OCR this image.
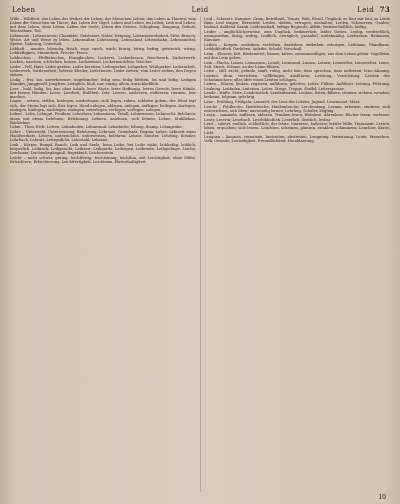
Leben	Leid	Leid 73

Wille – Wildheit; das Leben des Weibes der Leben; der Menschen Leben; das Leben in Thieren; vom Leben der Menschen im Thiere; das Leben der Vögel. Leben und Leben, im Leben, Leib und Leben, mit dem Leben, ohne Leben. Leben der Seele; Leben des Geistes. Schöpfung, Zeugung, Geburt, Wachsthum, Tod.

Lebensart – Lebensweise; Charakter, Geistesart, Natur; Neigung, Lebensgewohnheit, Sitte, Brauch, Weise, Art und Weise zu leben. Lebensalter, Lebensweg, Lebenslauf, Lebensbahn; Lebensmittel, Speise, Nahrung, Unterhalt.

Lebhaft – munter, lebendig, frisch, rege, rasch, wach, feurig, hitzig, heftig; geistreich, witzig. Lebhaftigkeit, Munterkeit, Frische, Feuer.

Lebkuchen – Pfefferkuchen, Honigkuchen; Leckerei, Leckerbissen, Naschwerk, Zuckerwerk. Lecken; naschen, schlecken, kosten. Leckermaul, Leckermäulchen, Näscher.

Leder – Fell, Haut; Leder gerben, Leder bereiten; Ledergerber, Lohgerber, Weißgerber. Lederarbeit, Lederwerk, Sattlerarbeit; lederne Kleider, Lederhosen. Leder ziehen, vom Leder ziehen, den Degen ziehen.

Ledig – frei, los, unverheiratet, ungebunden; ledig sein, ledig bleiben, los und ledig. Ledigen Standes; Junggesell, Jungfrau. Lediglich, bloß, nur, einzig, allein, ausschließlich.

Leer – hohl, ledig, los, bar, ohne Inhalt; leere Worte, leere Hoffnung, leeres Gerede; leere Hände, mit leeren Händen. Leere, Leerheit, Hohlheit, Öde. Leeren, ausleeren, entleeren, räumen, leer machen.

Legen – setzen, stellen, hinlegen, niederlegen; sich legen, ruhen, schlafen gehen; der Wind legt sich, der Sturm legt sich. Eier legen. Hand anlegen, ablegen, anlegen, auflegen, beilegen, darlegen, einlegen, hinlegen, nachlegen, umlegen, unterlegen, verlegen, vorlegen, zulegen.

Lehen – Lehn, Lehngut, Feudum; Lehnsherr, Lehnsmann, Vasall; Lehnswesen, Lehnrecht. Belehnen, einen mit etwas belehnen; Belehnung. Lehnen, anlehnen, sich lehnen; Lehne, Stuhllehne, Rücklehne.

Lehm – Thon, Erde, Letten; Lehmboden, Lehmwand, Lehmhütte; lehmig, thonig. Lehmgrube.

Lehre – Unterricht, Unterweisung, Belehrung; Lehrsatz, Grundsatz, Dogma; Lehre, Lehrzeit eines Handwerkers. Lehren, unterrichten, unterweisen, belehren; Lehrer, Meister, Lehrling, Schüler. Lehrbuch, Lehrart, Lehrgedicht, Lehrstuhl, Lehramt.

Leib – Körper, Rumpf, Bauch; Leib und Seele; beim Leibe, bei Leibe nicht; leibhaftig, leiblich, körperlich. Leibrock, Leibgericht, Leibarzt, Leibgarde, Leibeigen, Leibrente, Leibgedinge. Leiche, Leichnam; Leichenbegängniß, Begräbniß, Leichenstein.

Leicht – nicht schwer, gering, leichtfertig, leichtsinnig; leichthin, mit Leichtigkeit, ohne Mühe. Erleichtern; Erleichterung. Leichtfertigkeit, Leichtsinn, Flatterhaftigkeit.

Leid – Schmerz, Kummer, Gram, Betrübniß, Trauer, Weh, Elend, Unglück; es thut mir leid, zu Leide thun, Leid tragen; Herzeleid. Leiden, dulden, ertragen, aushalten; Leiden, Schmerzen, Qualen; leidend, duldend, krank. Leidenschaft, heftige Begierde, Affekt; leidenschaftlich, heftig.

Leider – unglücklicherweise, zum Unglück, bedauerlich; leider Gottes. Leidig, verdrießlich, unangenehm, lästig, widrig. Leidlich, erträglich, passabel, mittelmäßig. Leidwesen, Bedauern, Kummer.

Leihen – borgen, ausleihen, verleihen, darleihen; entleihen, erborgen. Leihhaus, Pfandhaus; Leihbibliothek. Darlehen, Anleihe, Schuld, Vorschuß.

Leim – Kleister, Kitt, Bindemittel; leimen, kitten, zusammenfügen; aus dem Leime gehen. Vogelleim, auf den Leim gehen.

Lein – Flachs, Linum; Leinsamen, Leinöl; Leinwand, Linnen, Leinen; Leinweber, Leineweber. Leine, Seil, Strick, Schnur; an der Leine führen.

Leise – still, sacht, gelinde, sanft, ruhig, nicht laut; leise sprechen, leise auftreten; leise Ahnung. Leisten, thun, verrichten, vollbringen, ausführen; Leistung, Verrichtung. Leisten des Schuhmachers; alles über einen Leisten schlagen.

Leiten – führen, lenken, regieren, anführen, geleiten; Leiter, Führer, Anführer. Leitung, Führung, Lenkung. Leitfaden, Leitstern. Leiter, Stiege, Treppe, Staffel; Leitersprosse.

Lende – Hüfte, Seite; Lendenstück, Lendenbraten. Lenken, leiten, führen, steuern, richten, wenden; lenksam, folgsam, gelehrig.

Lenz – Frühling, Frühjahr, Lenzzeit; der Lenz des Lebens, Jugend. Lenzmonat, März.

Lerche – Feldlerche, Heidelerche, Haubenlerche; Lerchenfang. Lernen, erlernen, studiren, sich unterrichten, sich üben; auswendig lernen; Lehrling, Schüler, Zögling.

Lesen – sammeln, auflesen, ablesen, Trauben lesen; Weinlese, Ährenlese; Bücher lesen, vorlesen; Leser, Leserin; Lesebuch, Lesebibliothek. Leserlich, deutlich, lesbar.

Letzt – zuletzt, endlich, schließlich; der letzte, hinterste, äußerste; letzter Wille, Testament. Letzen, laben, erquicken; sich letzen. Leuchten, scheinen, glänzen, strahlen, schimmern; Leuchter, Kerze, Licht.

Leugnen – läugnen, verneinen, bestreiten, abstreiten; Leugnung, Verneinung. Leute, Menschen, Volk, Gesinde; Leutseligkeit, Freundlichkeit, Herablassung.

10
